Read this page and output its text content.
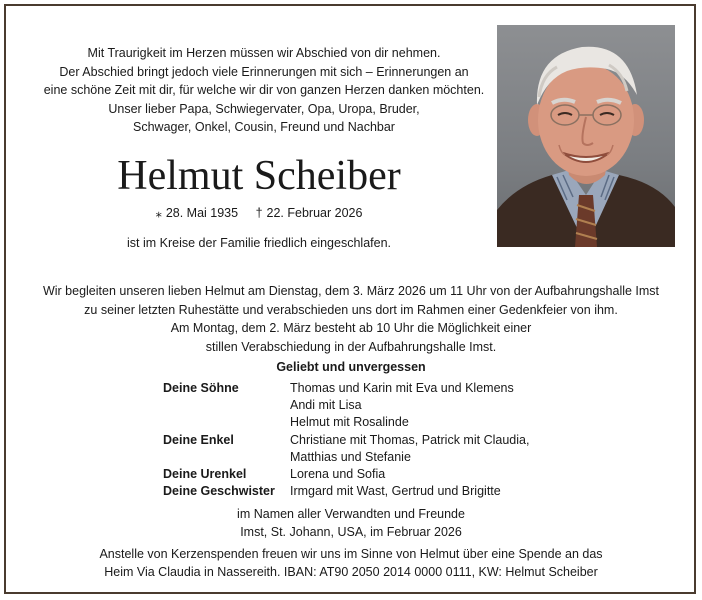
Mit Traurigkeit im Herzen müssen wir Abschied von dir nehmen.
Der Abschied bringt jedoch viele Erinnerungen mit sich – Erinnerungen an
eine schöne Zeit mit dir, für welche wir dir von ganzen Herzen danken möchten.
Unser lieber Papa, Schwiegervater, Opa, Uropa, Bruder,
Schwager, Onkel, Cousin, Freund und Nachbar
Helmut Scheiber
⁎ 28. Mai 1935 † 22. Februar 2026
ist im Kreise der Familie friedlich eingeschlafen.
Wir begleiten unseren lieben Helmut am Dienstag, dem 3. März 2026 um 11 Uhr von der Aufbahrungshalle Imst
zu seiner letzten Ruhestätte und verabschieden uns dort im Rahmen einer Gedenkfeier von ihm.
Am Montag, dem 2. März besteht ab 10 Uhr die Möglichkeit einer
stillen Verabschiedung in der Aufbahrungshalle Imst.
Geliebt und unvergessen
Deine Söhne	Thomas und Karin mit Eva und Klemens
Andi mit Lisa
Helmut mit Rosalinde
Deine Enkel	Christiane mit Thomas, Patrick mit Claudia,
Matthias und Stefanie
Deine Urenkel	Lorena und Sofia
Deine Geschwister	Irmgard mit Wast, Gertrud und Brigitte
im Namen aller Verwandten und Freunde
Imst, St. Johann, USA, im Februar 2026
Anstelle von Kerzenspenden freuen wir uns im Sinne von Helmut über eine Spende an das
Heim Via Claudia in Nassereith. IBAN: AT90 2050 2014 0000 0111, KW: Helmut Scheiber
